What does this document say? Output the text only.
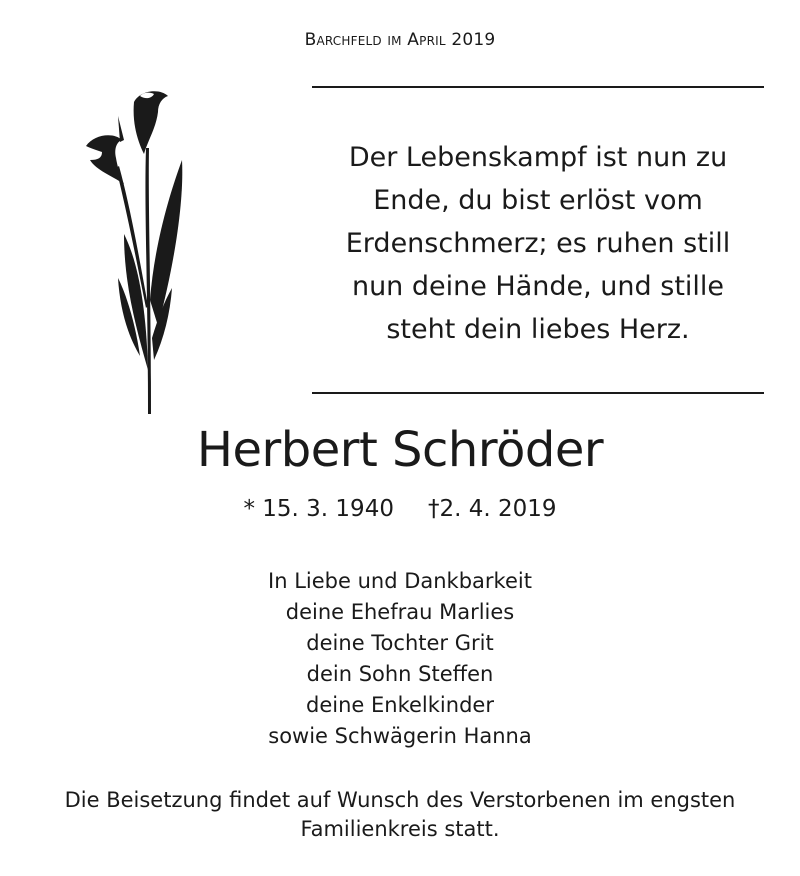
Barchfeld im April 2019
Der Lebenskampf ist nun zu
Ende, du bist erlöst vom
Erdenschmerz; es ruhen still
nun deine Hände, und stille
steht dein liebes Herz.
Herbert Schröder
* 15. 3. 1940 †2. 4. 2019
In Liebe und Dankbarkeit
deine Ehefrau Marlies
deine Tochter Grit
dein Sohn Steffen
deine Enkelkinder
sowie Schwägerin Hanna
Die Beisetzung findet auf Wunsch des Verstorbenen im engsten
Familienkreis statt.
